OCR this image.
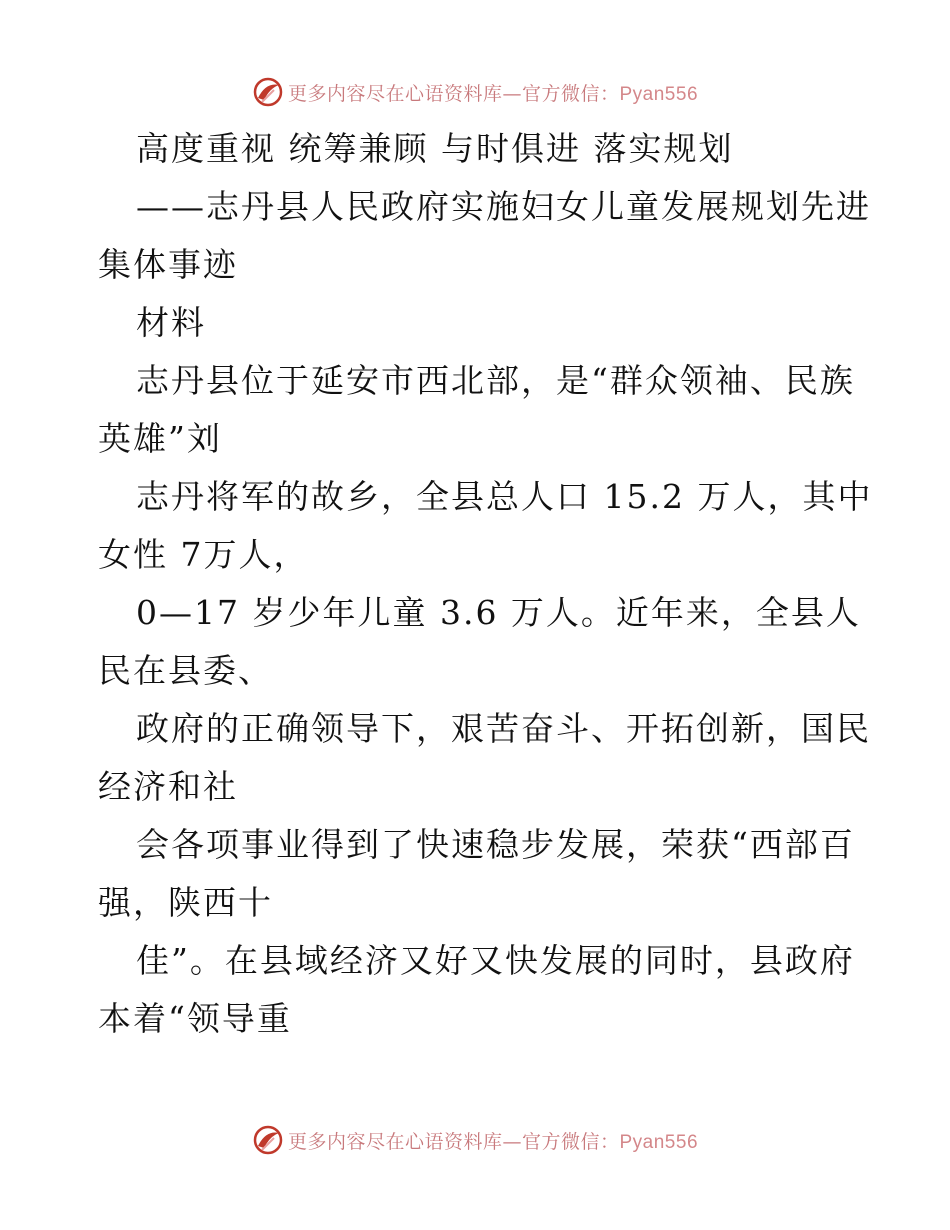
更多内容尽在心语资料库—官方微信：Pyan556
高度重视 统筹兼顾 与时俱进 落实规划
——志丹县人民政府实施妇女儿童发展规划先进
集体事迹
材料
志丹县位于延安市西北部，是“群众领袖、民族
英雄”刘
志丹将军的故乡，全县总人口 15.2 万人，其中
女性 7万人，
0—17 岁少年儿童 3.6 万人。近年来，全县人
民在县委、
政府的正确领导下，艰苦奋斗、开拓创新，国民
经济和社
会各项事业得到了快速稳步发展，荣获“西部百
强，陕西十
佳”。在县域经济又好又快发展的同时，县政府
本着“领导重
更多内容尽在心语资料库—官方微信：Pyan556
